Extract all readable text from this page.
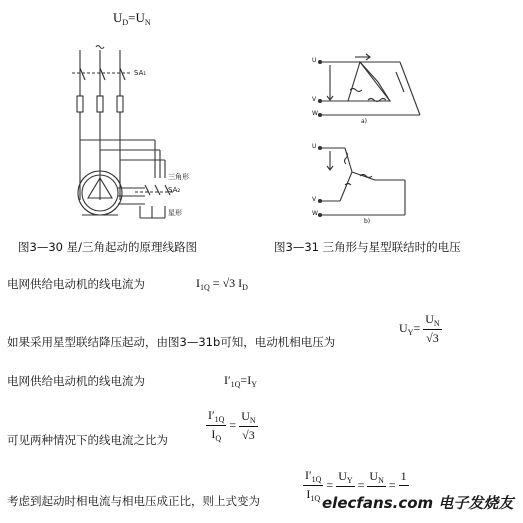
$U_D=U_N$
SA₁
三角形
SA₂
星形
U
V
W
a)
U
V
W
b)
图3—30 星/三角起动的原理线路图	图3—31 三角形与星型联结时的电压
电网供给电动机的线电流为	$I_{1Q} = √3$ $I_D$
如果采用星型联结降压起动，由图3—31b可知，电动机相电压为
$U_Y= \frac{U_N}{√3}$
电网供给电动机的线电流为	$I'_{1Q}=I_Y$
可见两种情况下的线电流之比为	$\frac{I'_{1Q}}{I_Q} = \frac{U_N}{√3}$
考虑到起动时相电流与相电压成正比，则上式变为	$\frac{I'_{1Q}}{I_{1Q}}$ =
$U_Y$
=
$U_N$
=
1

elecfans.com 电子发烧友
